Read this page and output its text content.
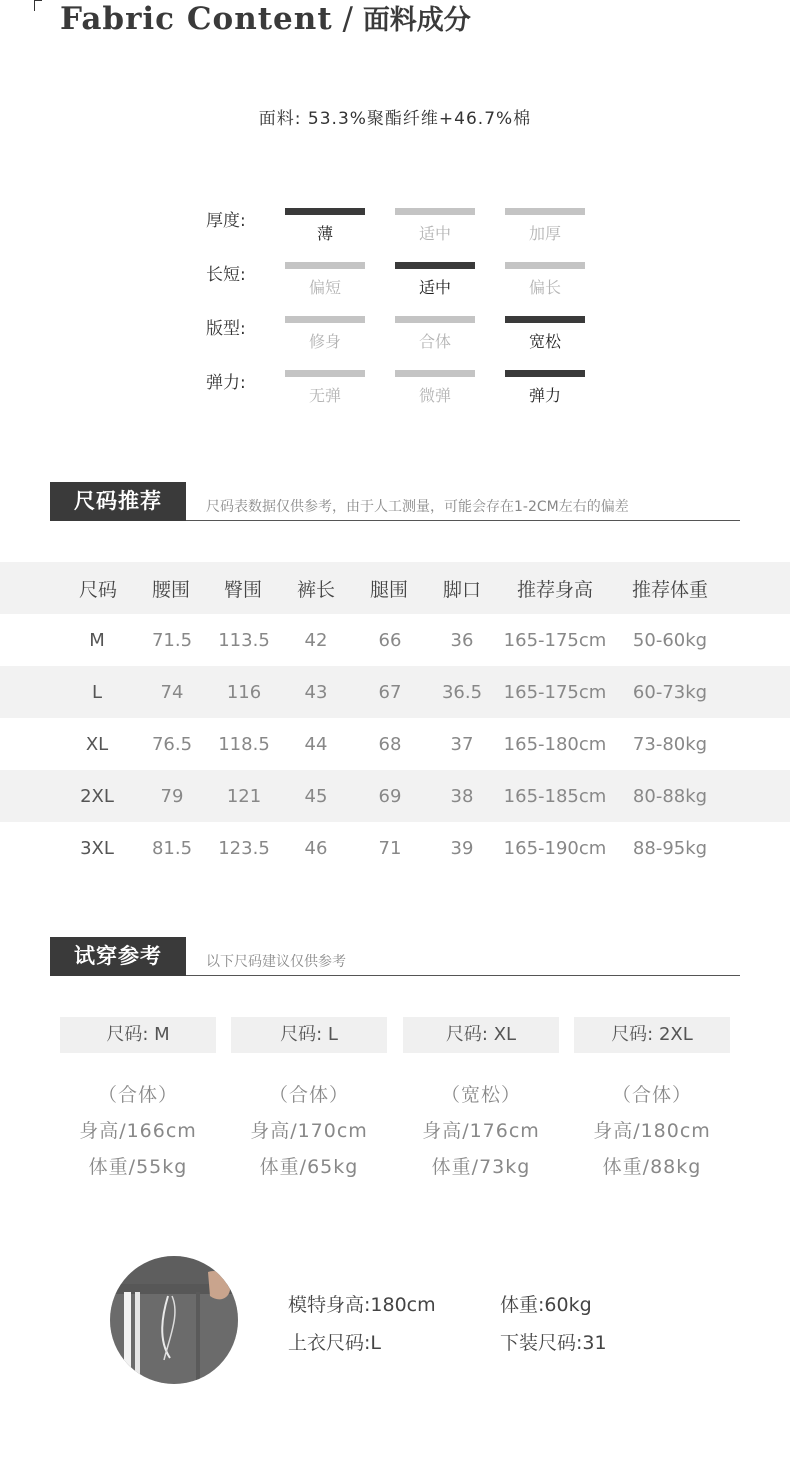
Fabric Content / 面料成分
面料: 53.3%聚酯纤维+46.7%棉
厚度:
薄	适中	加厚
长短:
偏短	适中	偏长
版型:
修身	合体	宽松
弹力:
无弹	微弹	弹力
尺码推荐	尺码表数据仅供参考，由于人工测量，可能会存在1-2CM左右的偏差
尺码 腰围 臀围 裤长 腿围 脚口 推荐身高 推荐体重
M	71.5 113.5 42	66	36 165-175cm 50-60kg
L	74 116 43	67 36.5 165-175cm 60-73kg
XL 76.5 118.5 44	68	37 165-180cm 73-80kg
2XL	79 121 45	69	38 165-185cm 80-88kg
3XL 81.5 123.5 46	71	39 165-190cm 88-95kg
试穿参考	以下尺码建议仅供参考
尺码: M
（合体）
身高/166cm
体重/55kg
尺码: L
（合体）
身高/170cm
体重/65kg
尺码: XL
（宽松）
身高/176cm
体重/73kg
尺码: 2XL
（合体）
身高/180cm
体重/88kg
模特身高:180cm	体重:60kg
上衣尺码:L	下装尺码:31
